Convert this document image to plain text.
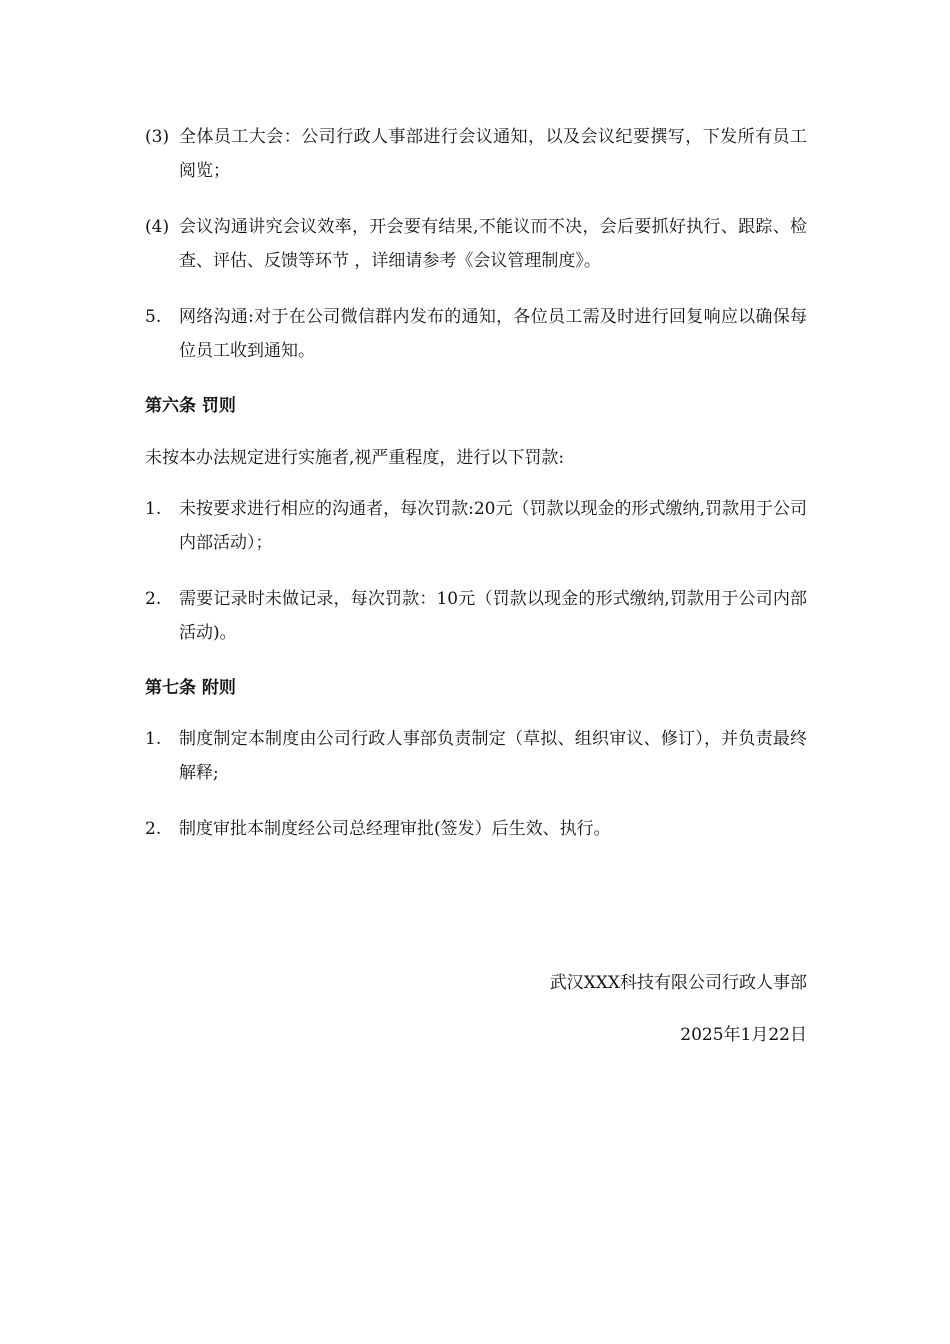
(3) 全体员工大会：公司行政人事部进行会议通知，以及会议纪要撰写，下发所有员工阅览；
(4) 会议沟通讲究会议效率，开会要有结果,不能议而不决，会后要抓好执行、跟踪、检查、评估、反馈等环节 ，详细请参考《会议管理制度》。
5.	网络沟通:对于在公司微信群内发布的通知，各位员工需及时进行回复响应以确保每位员工收到通知。
第六条 罚则
未按本办法规定进行实施者,视严重程度，进行以下罚款:
1.	未按要求进行相应的沟通者，每次罚款:20元（罚款以现金的形式缴纳,罚款用于公司内部活动）；
2.	需要记录时未做记录，每次罚款：10元（罚款以现金的形式缴纳,罚款用于公司内部活动)。
第七条 附则
1.	制度制定本制度由公司行政人事部负责制定（草拟、组织审议、修订），并负责最终解释;
2.	制度审批本制度经公司总经理审批(签发）后生效、执行。
武汉XXX科技有限公司行政人事部
2025年1月22日
